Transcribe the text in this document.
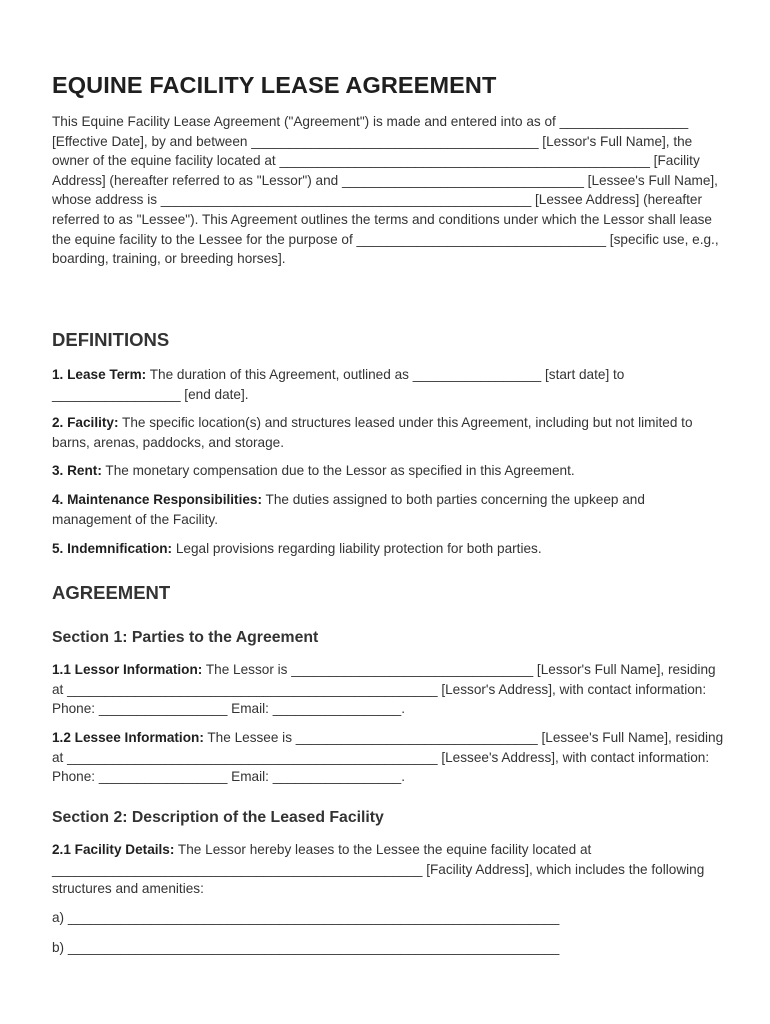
EQUINE FACILITY LEASE AGREEMENT

This Equine Facility Lease Agreement ("Agreement") is made and entered into as of _________________ [Effective Date], by and between ______________________________________ [Lessor's Full Name], the owner of the equine facility located at _________________________________________________ [Facility Address] (hereafter referred to as "Lessor") and ________________________________ [Lessee's Full Name], whose address is _________________________________________________ [Lessee Address] (hereafter referred to as "Lessee"). This Agreement outlines the terms and conditions under which the Lessor shall lease the equine facility to the Lessee for the purpose of _________________________________ [specific use, e.g., boarding, training, or breeding horses].

DEFINITIONS

1. Lease Term: The duration of this Agreement, outlined as _________________ [start date] to _________________ [end date].

2. Facility: The specific location(s) and structures leased under this Agreement, including but not limited to barns, arenas, paddocks, and storage.

3. Rent: The monetary compensation due to the Lessor as specified in this Agreement.

4. Maintenance Responsibilities: The duties assigned to both parties concerning the upkeep and management of the Facility.

5. Indemnification: Legal provisions regarding liability protection for both parties.

AGREEMENT
Section 1: Parties to the Agreement

1.1 Lessor Information: The Lessor is ________________________________ [Lessor's Full Name], residing at _________________________________________________ [Lessor's Address], with contact information: Phone: _________________ Email: _________________.

1.2 Lessee Information: The Lessee is ________________________________ [Lessee's Full Name], residing at _________________________________________________ [Lessee's Address], with contact information: Phone: _________________ Email: _________________.

Section 2: Description of the Leased Facility

2.1 Facility Details: The Lessor hereby leases to the Lessee the equine facility located at _________________________________________________ [Facility Address], which includes the following structures and amenities:

a) _________________________________________________________________

b) _________________________________________________________________
